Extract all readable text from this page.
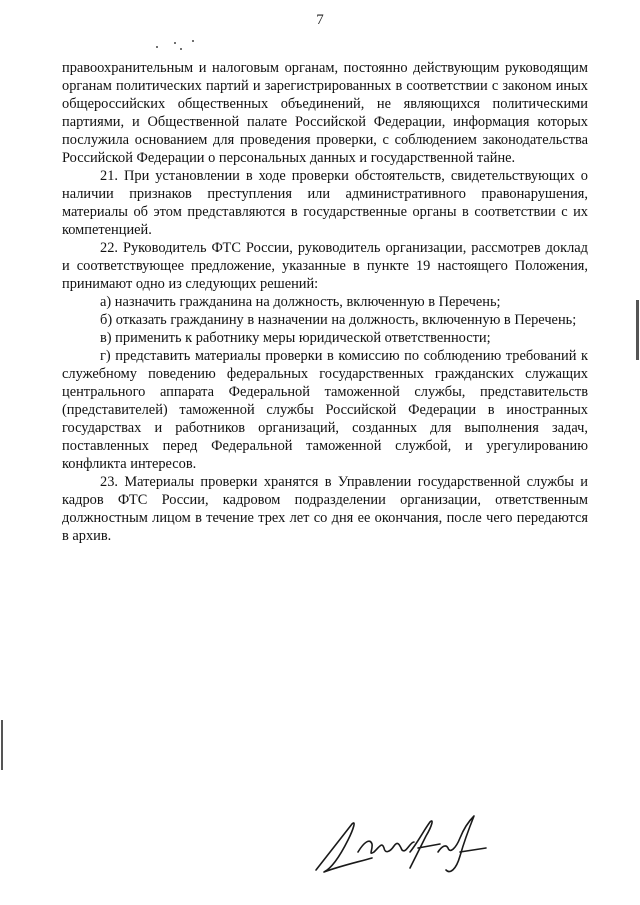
7

правоохранительным и налоговым органам, постоянно действующим руководящим органам политических партий и зарегистрированных в соответствии с законом иных общероссийских общественных объединений, не являющихся политическими партиями, и Общественной палате Российской Федерации, информация которых послужила основанием для проведения проверки, с соблюдением законодательства Российской Федерации о персональных данных и государственной тайне.

21. При установлении в ходе проверки обстоятельств, свидетельствующих о наличии признаков преступления или административного правонарушения, материалы об этом представляются в государственные органы в соответствии с их компетенцией.

22. Руководитель ФТС России, руководитель организации, рассмотрев доклад и соответствующее предложение, указанные в пункте 19 настоящего Положения, принимают одно из следующих решений:

а) назначить гражданина на должность, включенную в Перечень;

б) отказать гражданину в назначении на должность, включенную в Перечень;

в) применить к работнику меры юридической ответственности;

г) представить материалы проверки в комиссию по соблюдению требований к служебному поведению федеральных государственных гражданских служащих центрального аппарата Федеральной таможенной службы, представительств (представителей) таможенной службы Российской Федерации в иностранных государствах и работников организаций, созданных для выполнения задач, поставленных перед Федеральной таможенной службой, и урегулированию конфликта интересов.

23. Материалы проверки хранятся в Управлении государственной службы и кадров ФТС России, кадровом подразделении организации, ответственным должностным лицом в течение трех лет со дня ее окончания, после чего передаются в архив.
